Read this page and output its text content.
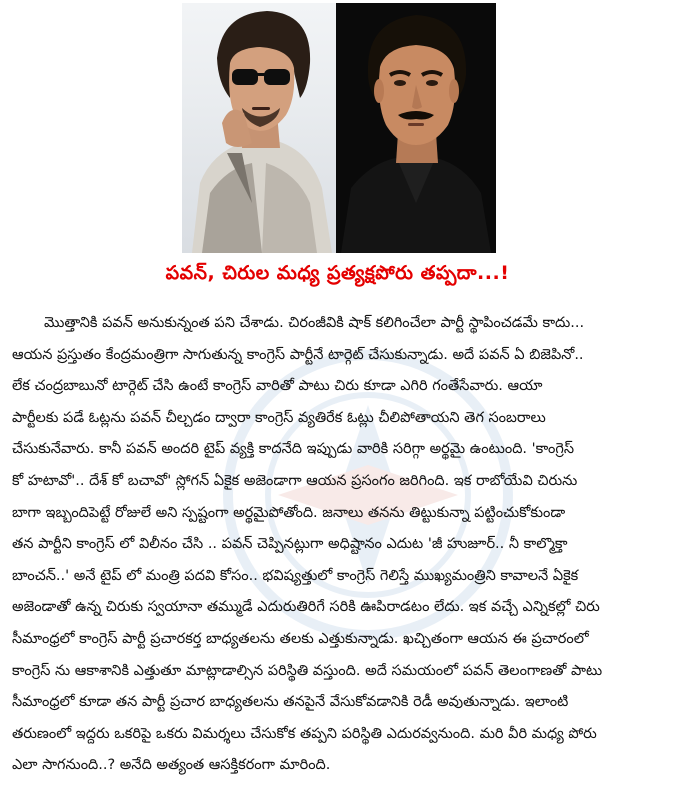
పవన్, చిరుల మధ్య ప్రత్యక్షపోరు తప్పదా...!
మొత్తానికి పవన్ అనుకున్నంత పని చేశాడు. చిరంజీవికి షాక్ కలిగించేలా పార్టీ స్థాపించడమే కాదు...
ఆయన ప్రస్తుతం కేంద్రమంత్రిగా సాగుతున్న కాంగ్రెస్ పార్టీనే టార్గెట్ చేసుకున్నాడు. అదే పవన్ ఏ బిజెపినో..
లేక చంద్రబాబునో టార్గెట్ చేసి ఉంటే కాంగ్రెస్ వారితో పాటు చిరు కూడా ఎగిరి గంతేసేవారు. ఆయా
పార్టీలకు పడే ఓట్లను పవన్ చీల్చడం ద్వారా కాంగ్రెస్ వ్యతిరేక ఓట్లు చీలిపోతాయని తెగ సంబరాలు
చేసుకునేవారు. కానీ పవన్ అందరి టైప్ వ్యక్తి కాదనేది ఇప్పుడు వారికి సరిగ్గా అర్థమై ఉంటుంది. 'కాంగ్రెస్
కో హటావో'.. దేశ్ కో బచావో' స్లోగన్ ఏకైక అజెండాగా ఆయన ప్రసంగం జరిగింది. ఇక రాబోయేవి చిరును
బాగా ఇబ్బందిపెట్టే రోజులే అని స్పష్టంగా అర్థమైపోతోంది. జనాలు తనను తిట్టుకున్నా పట్టించుకోకుండా
తన పార్టీని కాంగ్రెస్ లో విలీనం చేసి .. పవన్ చెప్పినట్లుగా అధిష్టానం ఎదుట 'జీ హుజూర్.. నీ కాల్మొక్తా
బాంచన్..' అనే టైప్ లో మంత్రి పదవి కోసం.. భవిష్యత్తులో కాంగ్రెస్ గెలిస్తే ముఖ్యమంత్రిని కావాలనే ఏకైక
అజెండాతో ఉన్న చిరుకు స్వయానా తమ్ముడే ఎదురుతిరిగే సరికి ఊపిరాడటం లేదు. ఇక వచ్చే ఎన్నికల్లో చిరు
సీమాంధ్రలో కాంగ్రెస్ పార్టీ ప్రచారకర్త బాధ్యతలను తలకు ఎత్తుకున్నాడు. ఖచ్చితంగా ఆయన ఈ ప్రచారంలో
కాంగ్రెస్ ను ఆకాశానికి ఎత్తుతూ మాట్లాడాల్సిన పరిస్థితి వస్తుంది. అదే సమయంలో పవన్ తెలంగాణతో పాటు
సీమాంధ్రలో కూడా తన పార్టీ ప్రచార బాధ్యతలను తనపైనే వేసుకోవడానికి రెడీ అవుతున్నాడు. ఇలాంటి
తరుణంలో ఇద్దరు ఒకరిపై ఒకరు విమర్శలు చేసుకోక తప్పని పరిస్థితి ఎదురవ్వనుంది. మరి వీరి మధ్య పోరు
ఎలా సాగనుంది..? అనేది అత్యంత ఆసక్తికరంగా మారింది.
